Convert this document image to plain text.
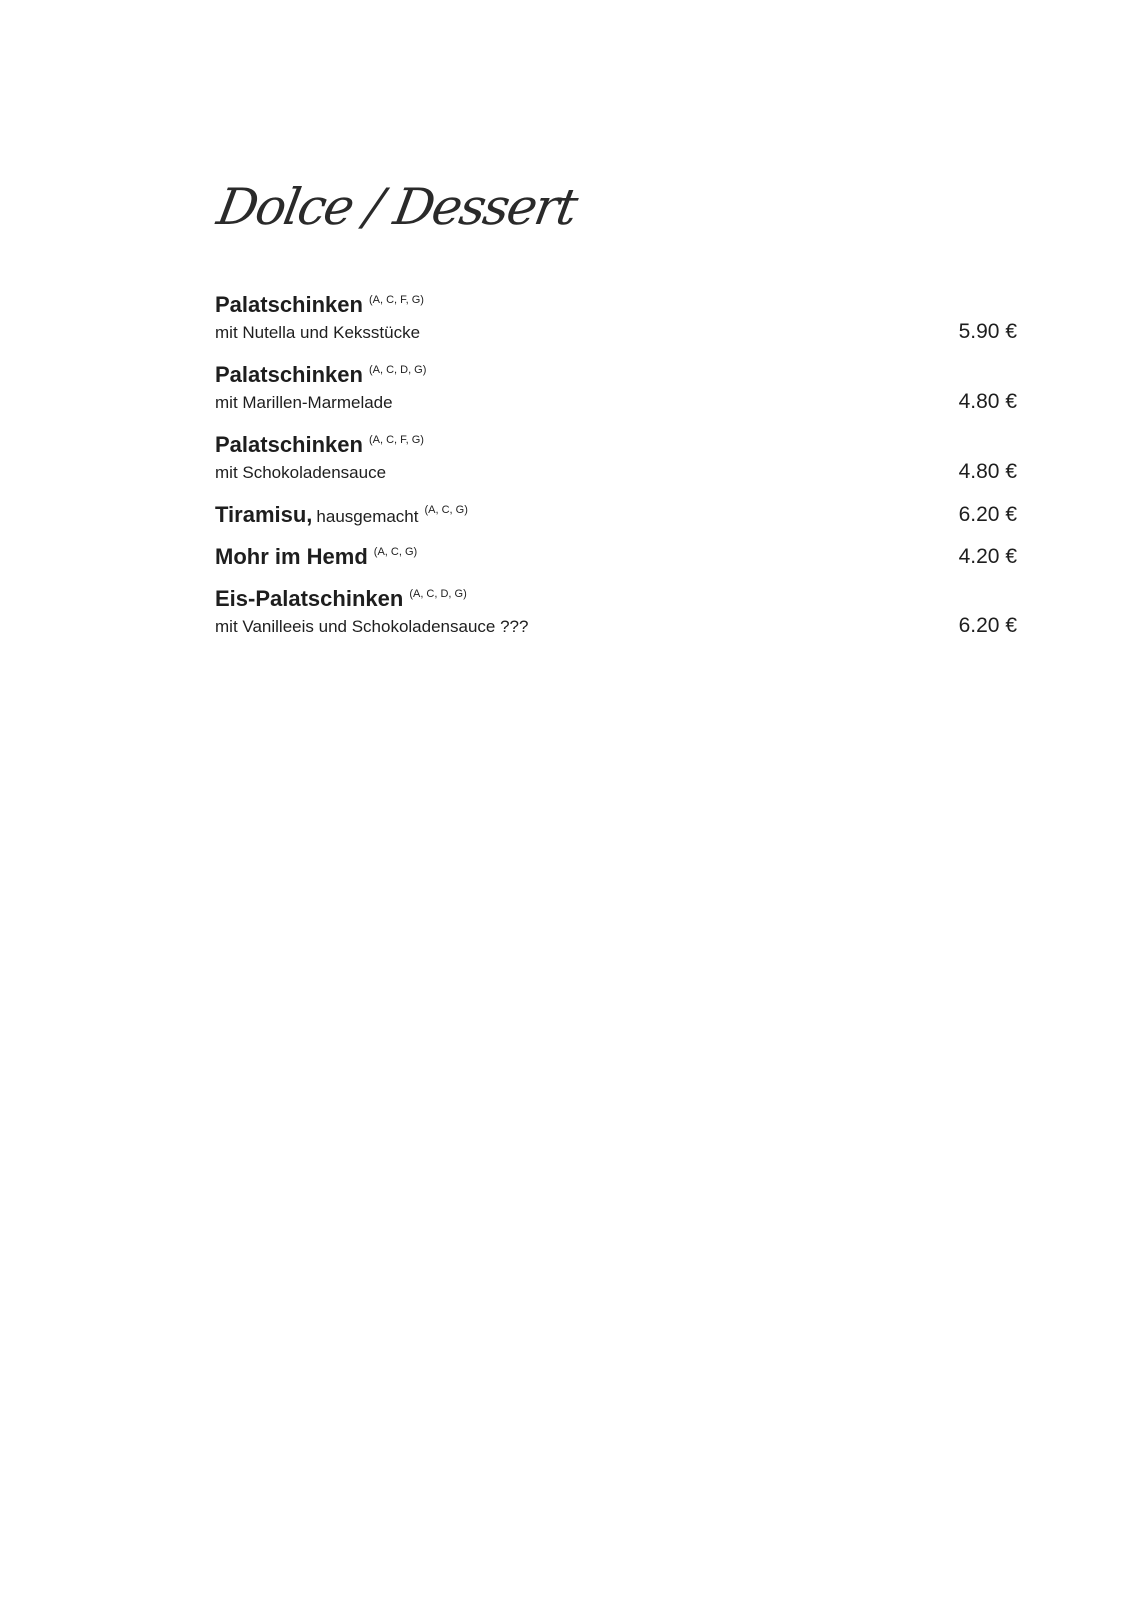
Dolce / Dessert
Palatschinken $^{(A, C, F, G)}$
mit Nutella und Keksstücke	5.90 €
Palatschinken $^{(A, C, D, G)}$
mit Marillen-Marmelade	4.80 €
Palatschinken $^{(A, C, F, G)}$
mit Schokoladensauce	4.80 €
Tiramisu, hausgemacht $^{(A, C, G)}$	6.20 €
Mohr im Hemd $^{(A, C, G)}$	4.20 €
Eis-Palatschinken $^{(A, C, D, G)}$
mit Vanilleeis und Schokoladensauce ???	6.20 €
